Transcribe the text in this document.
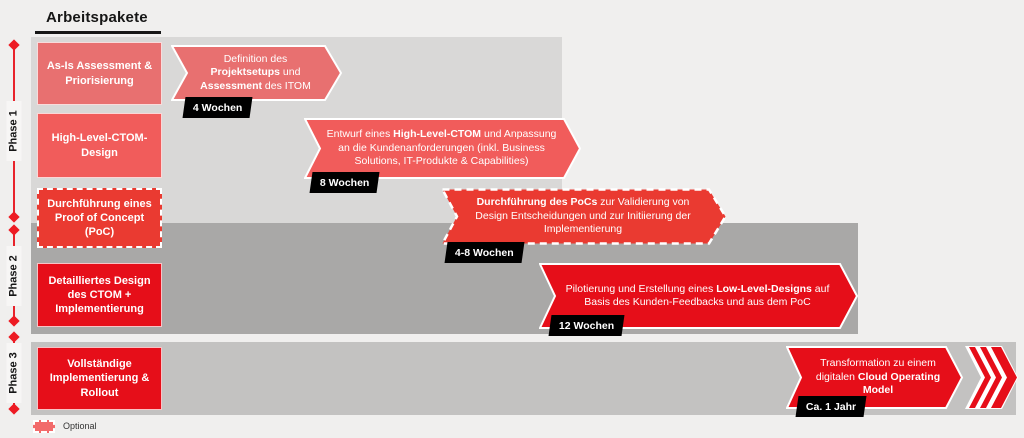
Arbeitspakete
Phase 1
Phase 2
Phase 3
As-Is Assessment & Priorisierung
High-Level-CTOM-Design
Durchführung eines Proof of Concept (PoC)
Detailliertes Design des CTOM + Implementierung
Vollständige Implementierung & Rollout
Definition des Projektsetups und Assessment des ITOM
4 Wochen
Entwurf eines High-Level-CTOM und Anpassung an die Kundenanforderungen (inkl. Business Solutions, IT-Produkte & Capabilities)
8 Wochen
Durchführung des PoCs zur Validierung von Design Entscheidungen und zur Initiierung der Implementierung
4-8 Wochen
Pilotierung und Erstellung eines Low-Level-Designs auf Basis des Kunden-Feedbacks und aus dem PoC
12 Wochen
Transformation zu einem digitalen Cloud Operating Model
Ca. 1 Jahr
Optional
